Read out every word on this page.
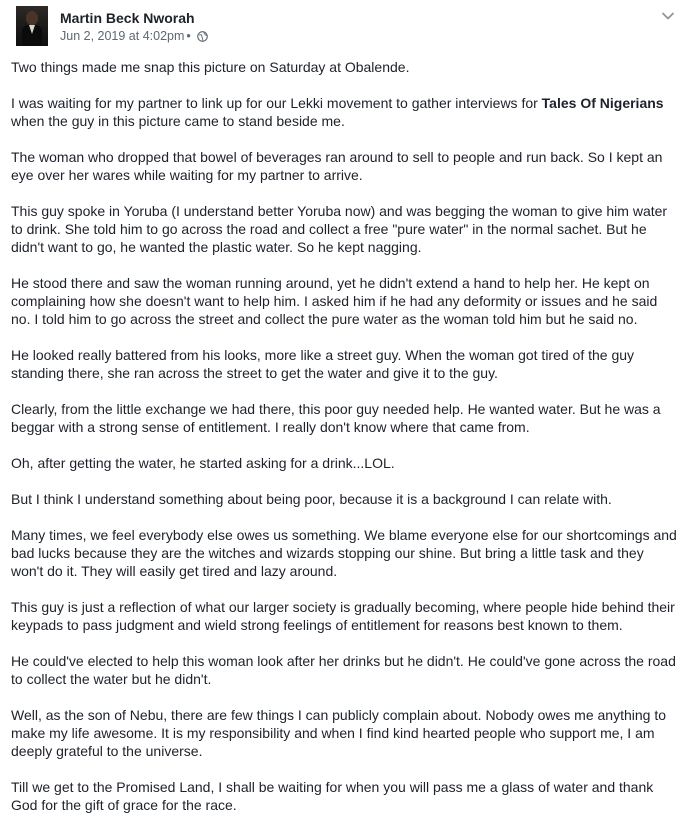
Martin Beck Nworah
Jun 2, 2019 at 4:02pm •

Two things made me snap this picture on Saturday at Obalende.

I was waiting for my partner to link up for our Lekki movement to gather interviews for Tales Of Nigerians when the guy in this picture came to stand beside me.

The woman who dropped that bowel of beverages ran around to sell to people and run back. So I kept an eye over her wares while waiting for my partner to arrive.

This guy spoke in Yoruba (I understand better Yoruba now) and was begging the woman to give him water to drink. She told him to go across the road and collect a free "pure water" in the normal sachet. But he didn't want to go, he wanted the plastic water. So he kept nagging.

He stood there and saw the woman running around, yet he didn't extend a hand to help her. He kept on complaining how she doesn't want to help him. I asked him if he had any deformity or issues and he said no. I told him to go across the street and collect the pure water as the woman told him but he said no.

He looked really battered from his looks, more like a street guy. When the woman got tired of the guy standing there, she ran across the street to get the water and give it to the guy.

Clearly, from the little exchange we had there, this poor guy needed help. He wanted water. But he was a beggar with a strong sense of entitlement. I really don't know where that came from.

Oh, after getting the water, he started asking for a drink...LOL.

But I think I understand something about being poor, because it is a background I can relate with.

Many times, we feel everybody else owes us something. We blame everyone else for our shortcomings and bad lucks because they are the witches and wizards stopping our shine. But bring a little task and they won't do it. They will easily get tired and lazy around.

This guy is just a reflection of what our larger society is gradually becoming, where people hide behind their keypads to pass judgment and wield strong feelings of entitlement for reasons best known to them.

He could've elected to help this woman look after her drinks but he didn't. He could've gone across the road to collect the water but he didn't.

Well, as the son of Nebu, there are few things I can publicly complain about. Nobody owes me anything to make my life awesome. It is my responsibility and when I find kind hearted people who support me, I am deeply grateful to the universe.

Till we get to the Promised Land, I shall be waiting for when you will pass me a glass of water and thank God for the gift of grace for the race.
